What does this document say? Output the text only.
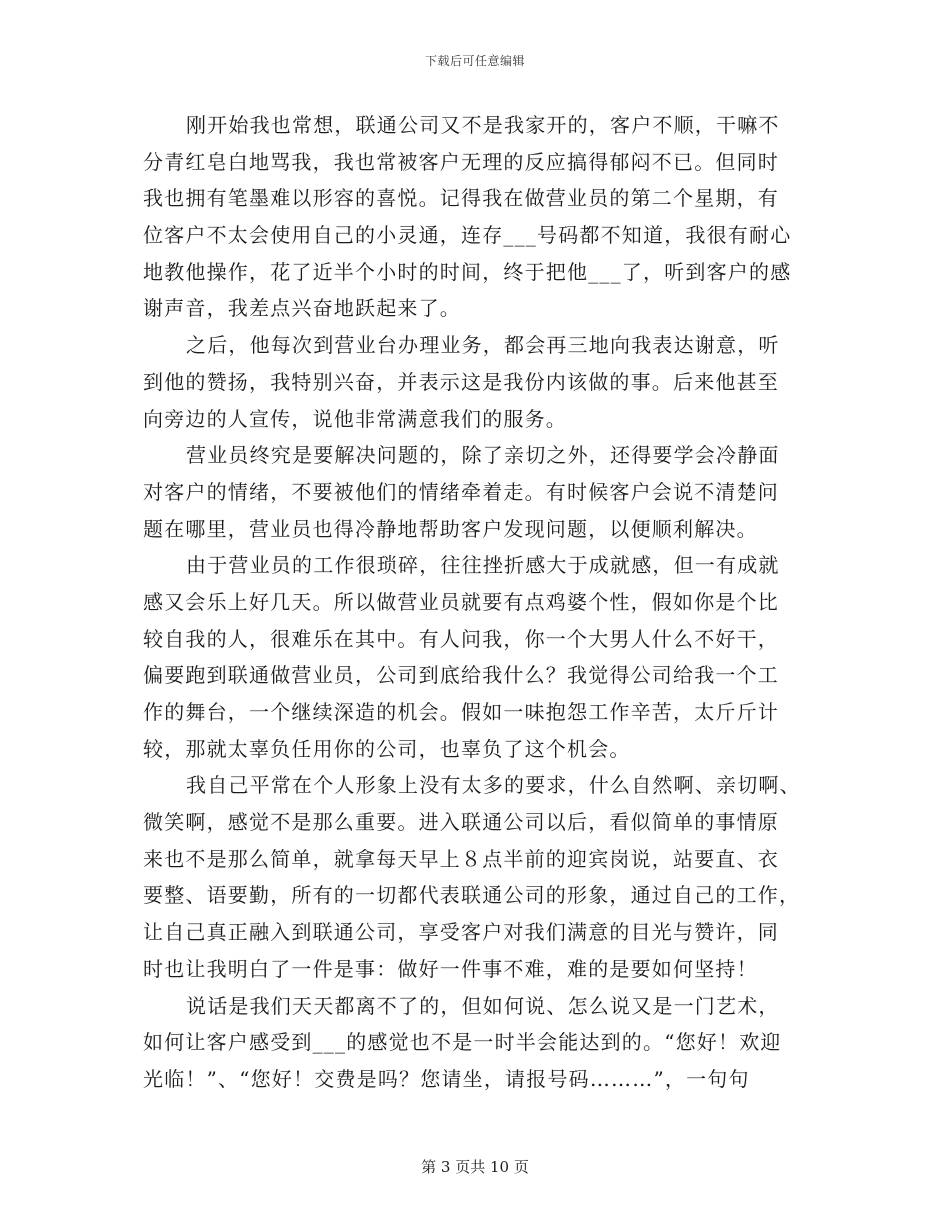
下载后可任意编辑
刚开始我也常想，联通公司又不是我家开的，客户不顺，干嘛不
分青红皂白地骂我，我也常被客户无理的反应搞得郁闷不已。但同时
我也拥有笔墨难以形容的喜悦。记得我在做营业员的第二个星期，有
位客户不太会使用自己的小灵通，连存___号码都不知道，我很有耐心
地教他操作，花了近半个小时的时间，终于把他___了，听到客户的感
谢声音，我差点兴奋地跃起来了。
之后，他每次到营业台办理业务，都会再三地向我表达谢意，听
到他的赞扬，我特别兴奋，并表示这是我份内该做的事。后来他甚至
向旁边的人宣传，说他非常满意我们的服务。
营业员终究是要解决问题的，除了亲切之外，还得要学会冷静面
对客户的情绪，不要被他们的情绪牵着走。有时候客户会说不清楚问
题在哪里，营业员也得冷静地帮助客户发现问题，以便顺利解决。
由于营业员的工作很琐碎，往往挫折感大于成就感，但一有成就
感又会乐上好几天。所以做营业员就要有点鸡婆个性，假如你是个比
较自我的人，很难乐在其中。有人问我，你一个大男人什么不好干，
偏要跑到联通做营业员，公司到底给我什么？我觉得公司给我一个工
作的舞台，一个继续深造的机会。假如一味抱怨工作辛苦，太斤斤计
较，那就太辜负任用你的公司，也辜负了这个机会。
我自己平常在个人形象上没有太多的要求，什么自然啊、亲切啊、
微笑啊，感觉不是那么重要。进入联通公司以后，看似简单的事情原
来也不是那么简单，就拿每天早上８点半前的迎宾岗说，站要直、衣
要整、语要勤，所有的一切都代表联通公司的形象，通过自己的工作，
让自己真正融入到联通公司，享受客户对我们满意的目光与赞许，同
时也让我明白了一件是事：做好一件事不难，难的是要如何坚持！
说话是我们天天都离不了的，但如何说、怎么说又是一门艺术，
如何让客户感受到___的感觉也不是一时半会能达到的。“您好！欢迎
光临！”、“您好！交费是吗？您请坐，请报号码………”，一句句
第 3 页共 10 页
